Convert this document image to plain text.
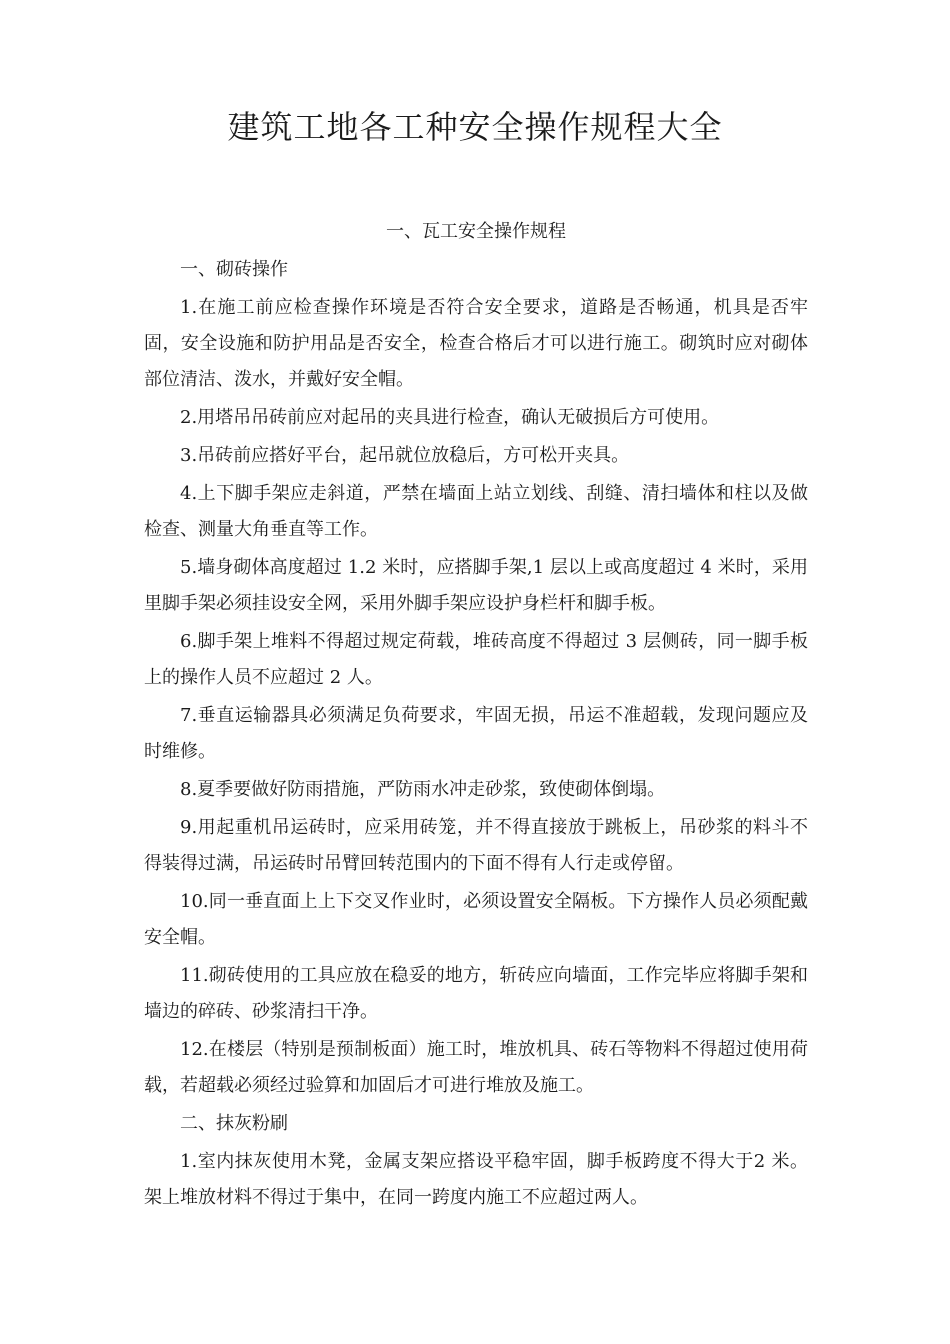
建筑工地各工种安全操作规程大全

一、瓦工安全操作规程

一、砌砖操作

1.在施工前应检查操作环境是否符合安全要求，道路是否畅通，机具是否牢固，安全设施和防护用品是否安全，检查合格后才可以进行施工。砌筑时应对砌体部位清洁、泼水，并戴好安全帽。

2.用塔吊吊砖前应对起吊的夹具进行检查，确认无破损后方可使用。

3.吊砖前应搭好平台，起吊就位放稳后，方可松开夹具。

4.上下脚手架应走斜道，严禁在墙面上站立划线、刮缝、清扫墙体和柱以及做检查、测量大角垂直等工作。

5.墙身砌体高度超过 1.2 米时，应搭脚手架,1 层以上或高度超过 4 米时，采用里脚手架必须挂设安全网，采用外脚手架应设护身栏杆和脚手板。

6.脚手架上堆料不得超过规定荷载，堆砖高度不得超过 3 层侧砖，同一脚手板上的操作人员不应超过 2 人。

7.垂直运输器具必须满足负荷要求，牢固无损，吊运不准超载，发现问题应及时维修。

8.夏季要做好防雨措施，严防雨水冲走砂浆，致使砌体倒塌。

9.用起重机吊运砖时，应采用砖笼，并不得直接放于跳板上，吊砂浆的料斗不得装得过满，吊运砖时吊臂回转范围内的下面不得有人行走或停留。

10.同一垂直面上上下交叉作业时，必须设置安全隔板。下方操作人员必须配戴安全帽。

11.砌砖使用的工具应放在稳妥的地方，斩砖应向墙面，工作完毕应将脚手架和墙边的碎砖、砂浆清扫干净。

12.在楼层（特别是预制板面）施工时，堆放机具、砖石等物料不得超过使用荷载，若超载必须经过验算和加固后才可进行堆放及施工。

二、抹灰粉刷

1.室内抹灰使用木凳，金属支架应搭设平稳牢固，脚手板跨度不得大于2 米。架上堆放材料不得过于集中，在同一跨度内施工不应超过两人。
